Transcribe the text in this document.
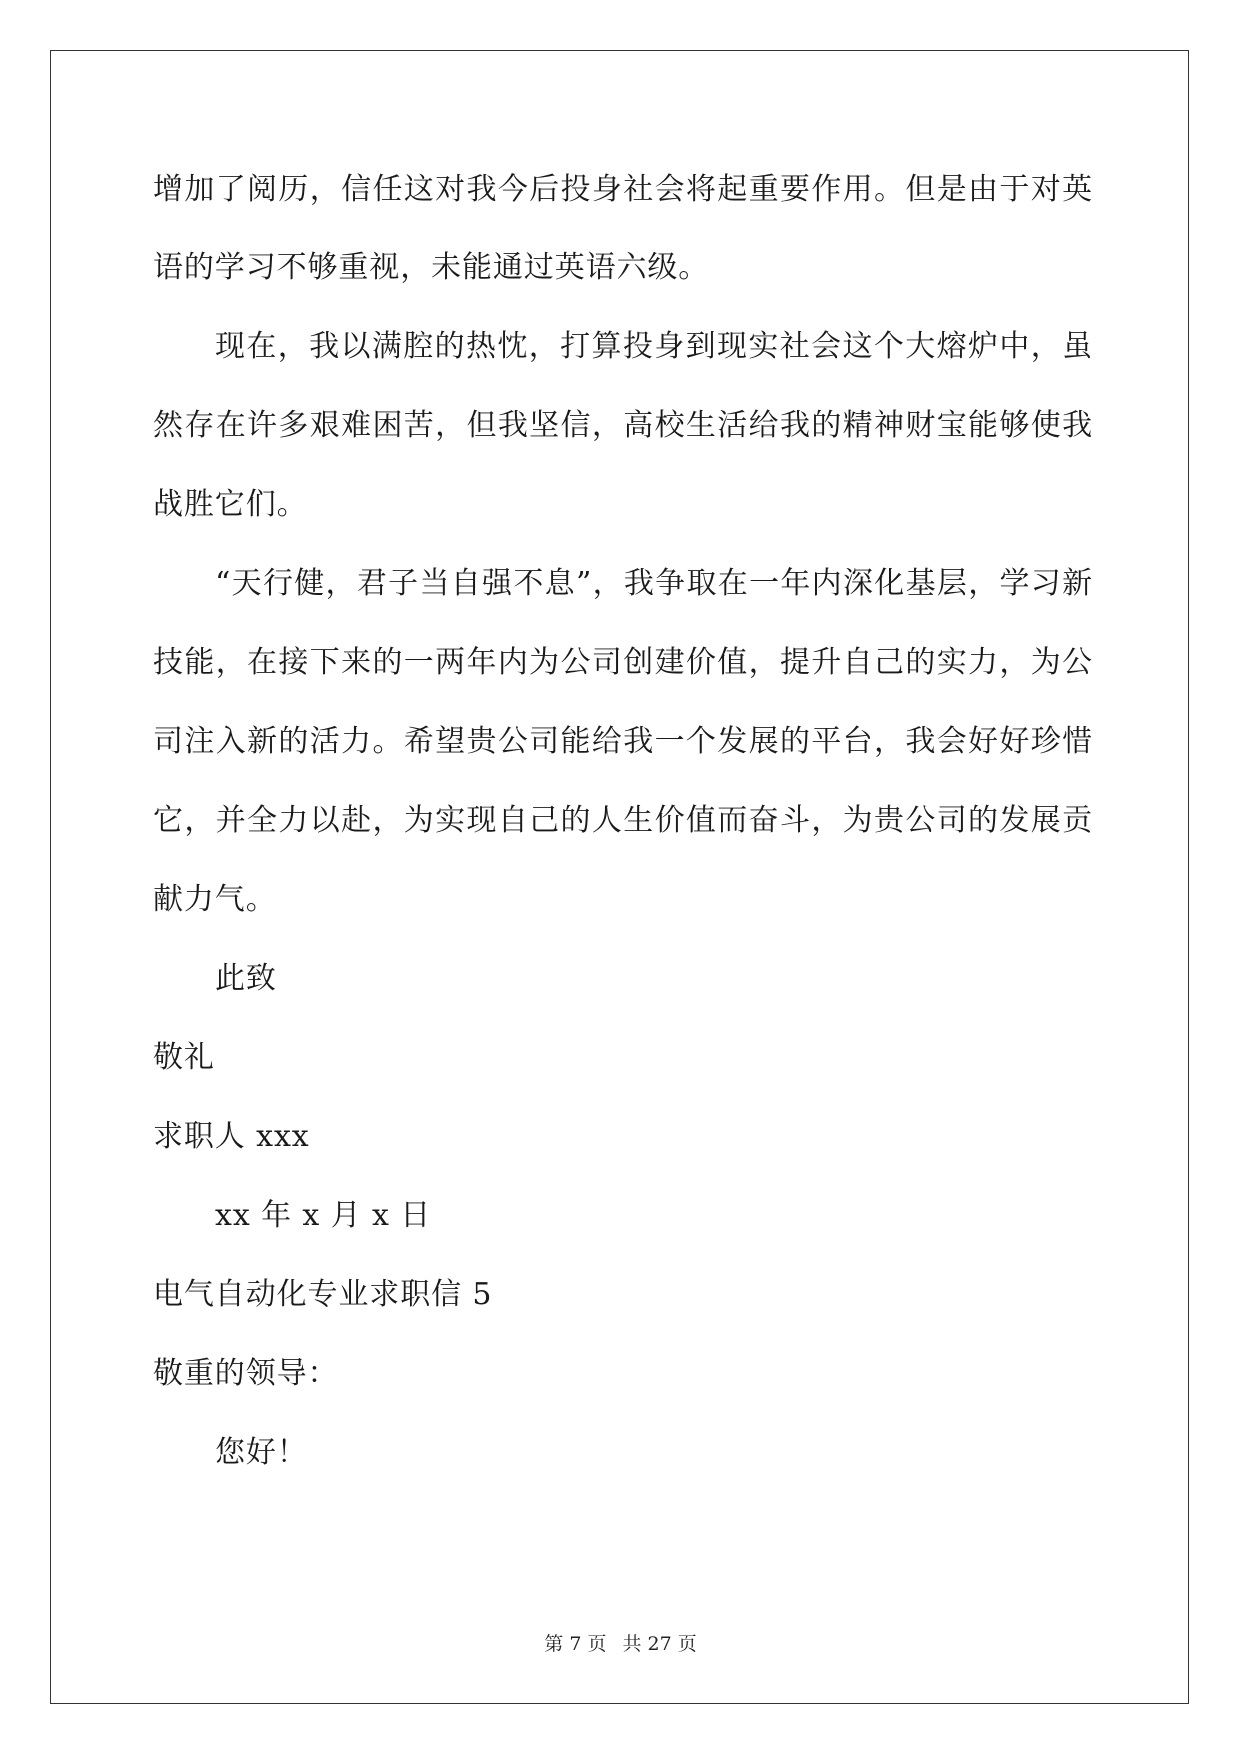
增加了阅历，信任这对我今后投身社会将起重要作用。但是由于对英
语的学习不够重视，未能通过英语六级。
现在，我以满腔的热忱，打算投身到现实社会这个大熔炉中，虽
然存在许多艰难困苦，但我坚信，高校生活给我的精神财宝能够使我
战胜它们。
“天行健，君子当自强不息”，我争取在一年内深化基层，学习新
技能，在接下来的一两年内为公司创建价值，提升自己的实力，为公
司注入新的活力。希望贵公司能给我一个发展的平台，我会好好珍惜
它，并全力以赴，为实现自己的人生价值而奋斗，为贵公司的发展贡
献力气。
此致
敬礼
求职人 xxx
xx 年 x 月 x 日
电气自动化专业求职信 5
敬重的领导：
您好！
第 7 页 共 27 页
